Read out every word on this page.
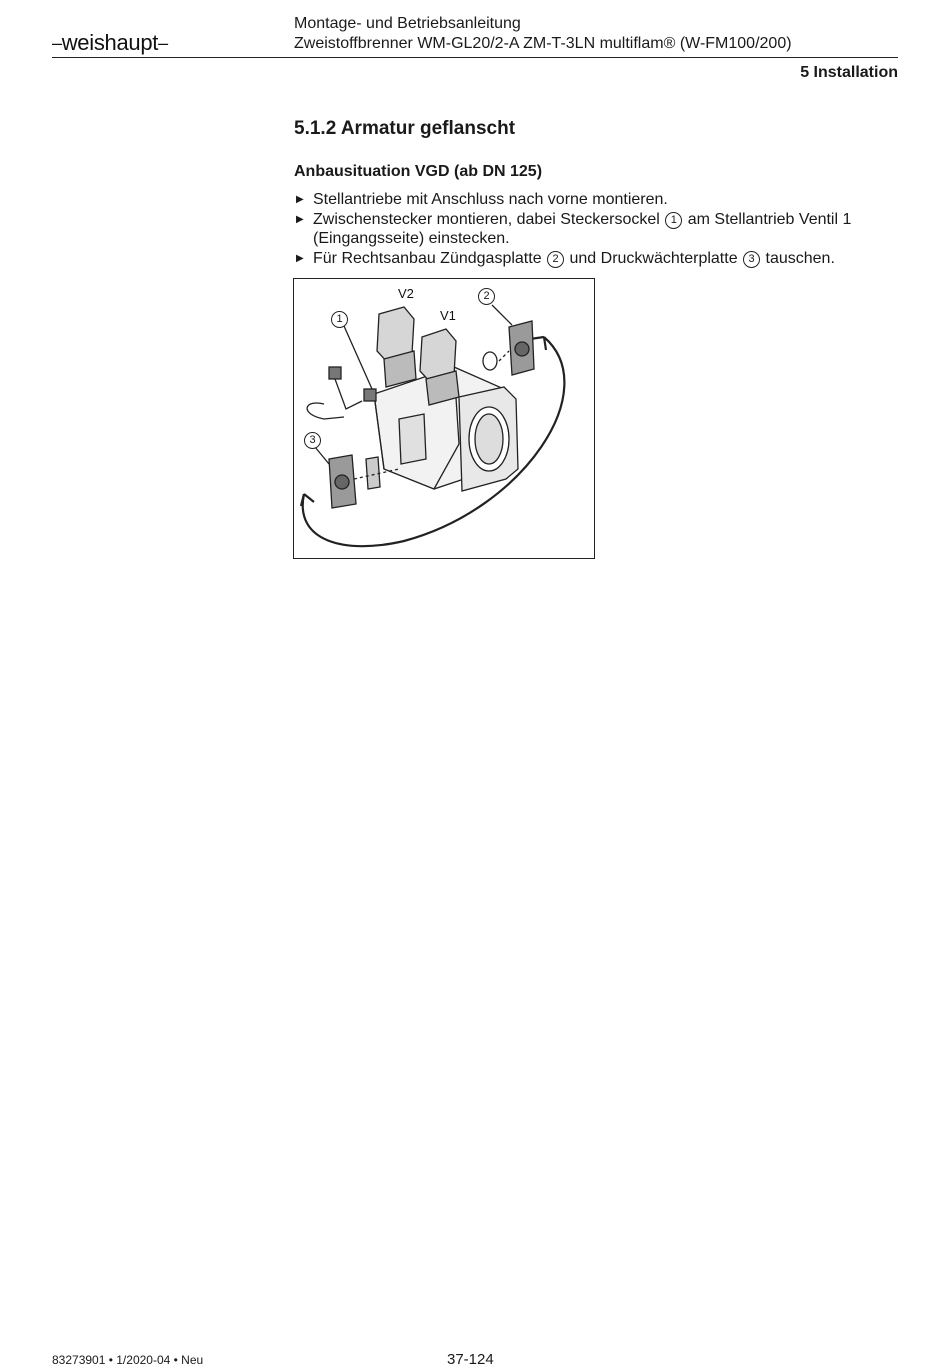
–weishaupt–
Montage- und Betriebsanleitung
Zweistoffbrenner WM-GL20/2-A ZM-T-3LN multiflam® (W-FM100/200)
5 Installation
5.1.2 Armatur geflanscht
Anbausituation VGD (ab DN 125)
▶ Stellantriebe mit Anschluss nach vorne montieren.
▶ Zwischenstecker montieren, dabei Steckersockel 1 am Stellantrieb Ventil 1 (Eingangsseite) einstecken.
▶ Für Rechtsanbau Zündgasplatte 2 und Druckwächterplatte 3 tauschen.
V2
V1
1
2
3
83273901 • 1/2020-04 • Neu	37-124
